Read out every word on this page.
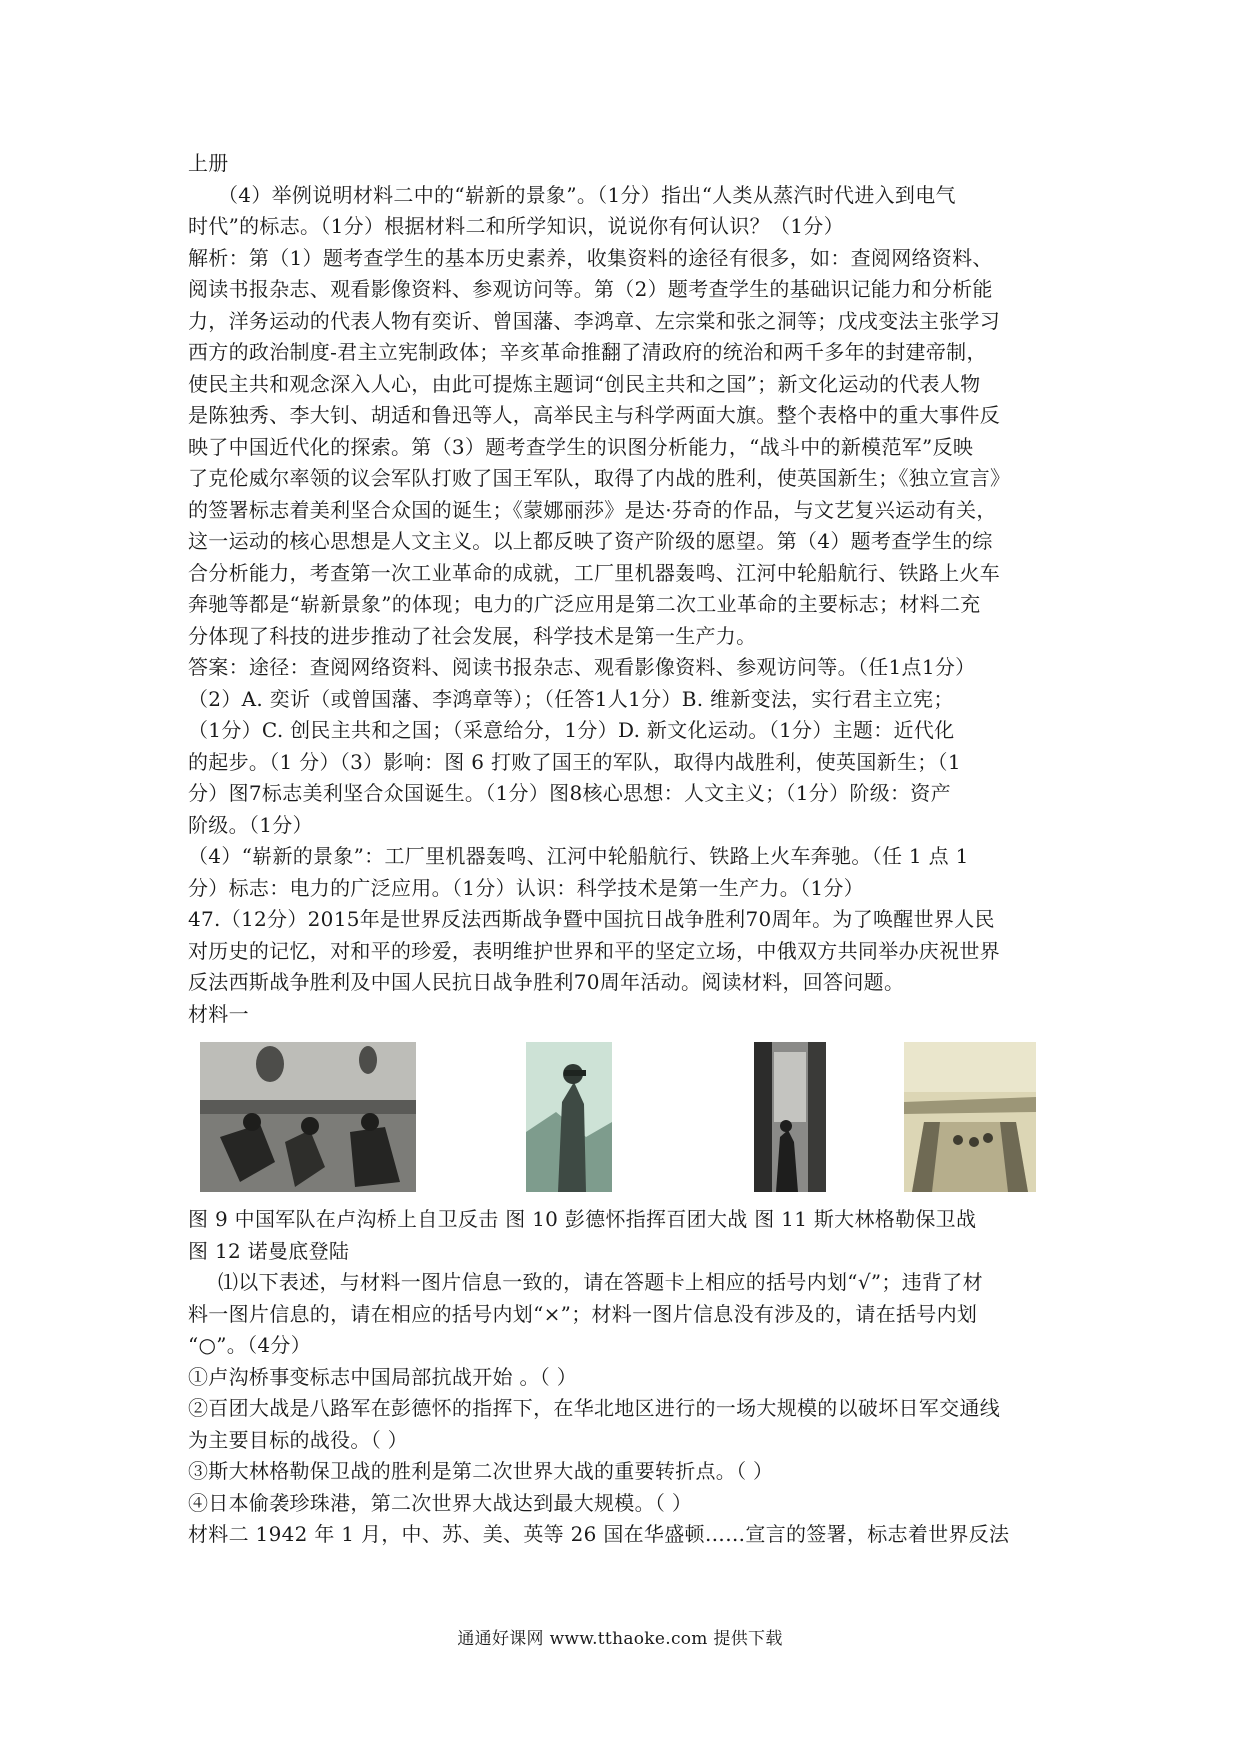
上册
（4）举例说明材料二中的“崭新的景象”。（1分）指出“人类从蒸汽时代进入到电气
时代”的标志。（1分）根据材料二和所学知识，说说你有何认识？（1分）
解析：第（1）题考查学生的基本历史素养，收集资料的途径有很多，如：查阅网络资料、
阅读书报杂志、观看影像资料、参观访问等。第（2）题考查学生的基础识记能力和分析能
力，洋务运动的代表人物有奕䜣、曾国藩、李鸿章、左宗棠和张之洞等；戊戌变法主张学习
西方的政治制度-君主立宪制政体；辛亥革命推翻了清政府的统治和两千多年的封建帝制，
使民主共和观念深入人心，由此可提炼主题词“创民主共和之国”；新文化运动的代表人物
是陈独秀、李大钊、胡适和鲁迅等人，高举民主与科学两面大旗。整个表格中的重大事件反
映了中国近代化的探索。第（3）题考查学生的识图分析能力，“战斗中的新模范军”反映
了克伦威尔率领的议会军队打败了国王军队，取得了内战的胜利，使英国新生；《独立宣言》
的签署标志着美利坚合众国的诞生；《蒙娜丽莎》是达·芬奇的作品，与文艺复兴运动有关，
这一运动的核心思想是人文主义。以上都反映了资产阶级的愿望。第（4）题考查学生的综
合分析能力，考查第一次工业革命的成就，工厂里机器轰鸣、江河中轮船航行、铁路上火车
奔驰等都是“崭新景象”的体现；电力的广泛应用是第二次工业革命的主要标志；材料二充
分体现了科技的进步推动了社会发展，科学技术是第一生产力。
答案：途径：查阅网络资料、阅读书报杂志、观看影像资料、参观访问等。（任1点1分）
（2）A. 奕䜣（或曾国藩、李鸿章等）；（任答1人1分）B. 维新变法，实行君主立宪；
（1分）C. 创民主共和之国；（采意给分，1分）D. 新文化运动。（1分）主题：近代化
的起步。（1 分）（3）影响：图 6 打败了国王的军队，取得内战胜利，使英国新生；（1
分）图7标志美利坚合众国诞生。（1分）图8核心思想：人文主义；（1分）阶级：资产
阶级。（1分）
（4）“崭新的景象”：工厂里机器轰鸣、江河中轮船航行、铁路上火车奔驰。（任 1 点 1
分）标志：电力的广泛应用。（1分）认识：科学技术是第一生产力。（1分）
47.（12分）2015年是世界反法西斯战争暨中国抗日战争胜利70周年。为了唤醒世界人民
对历史的记忆，对和平的珍爱，表明维护世界和平的坚定立场，中俄双方共同举办庆祝世界
反法西斯战争胜利及中国人民抗日战争胜利70周年活动。阅读材料，回答问题。
材料一
图 9 中国军队在卢沟桥上自卫反击 图 10 彭德怀指挥百团大战 图 11 斯大林格勒保卫战
图 12 诺曼底登陆
⑴以下表述，与材料一图片信息一致的，请在答题卡上相应的括号内划“√”；违背了材
料一图片信息的，请在相应的括号内划“×”；材料一图片信息没有涉及的，请在括号内划
“○”。（4分）
①卢沟桥事变标志中国局部抗战开始 。（ ）
②百团大战是八路军在彭德怀的指挥下，在华北地区进行的一场大规模的以破坏日军交通线
为主要目标的战役。（ ）
③斯大林格勒保卫战的胜利是第二次世界大战的重要转折点。（ ）
④日本偷袭珍珠港，第二次世界大战达到最大规模。（ ）
材料二 1942 年 1 月，中、苏、美、英等 26 国在华盛顿……宣言的签署，标志着世界反法
通通好课网 www.tthaoke.com 提供下载
